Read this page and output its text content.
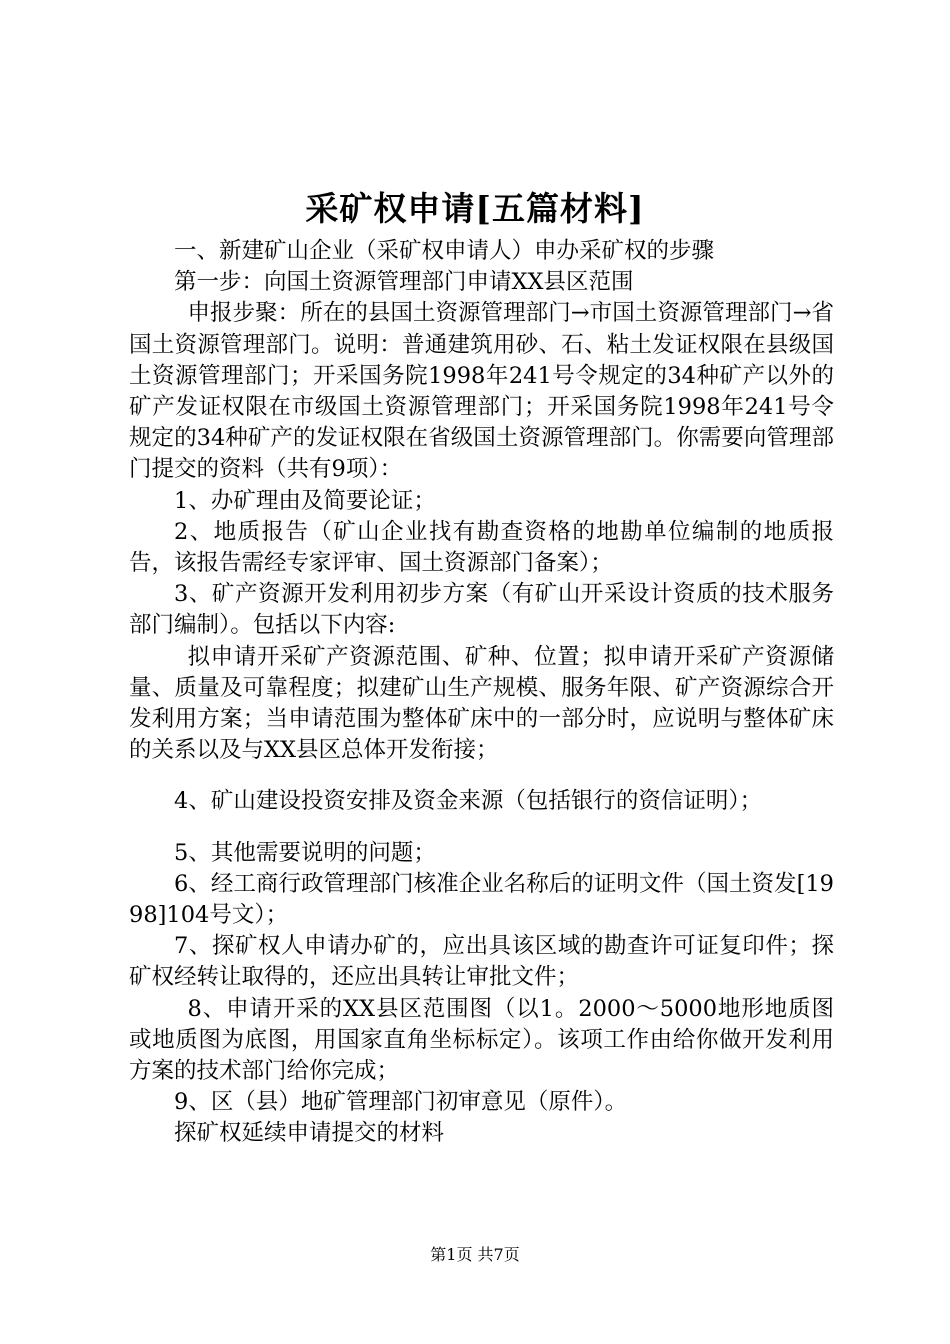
采矿权申请[五篇材料]

一、新建矿山企业（采矿权申请人）申办采矿权的步骤

第一步：向国土资源管理部门申请XX县区范围

申报步聚：所在的县国土资源管理部门→市国土资源管理部门→省国土资源管理部门。说明：普通建筑用砂、石、粘土发证权限在县级国土资源管理部门；开采国务院1998年241号令规定的34种矿产以外的矿产发证权限在市级国土资源管理部门；开采国务院1998年241号令规定的34种矿产的发证权限在省级国土资源管理部门。你需要向管理部门提交的资料（共有9项）：

1、办矿理由及简要论证；

2、地质报告（矿山企业找有勘查资格的地勘单位编制的地质报告，该报告需经专家评审、国土资源部门备案）；

3、矿产资源开发利用初步方案（有矿山开采设计资质的技术服务部门编制）。包括以下内容:

拟申请开采矿产资源范围、矿种、位置；拟申请开采矿产资源储量、质量及可靠程度；拟建矿山生产规模、服务年限、矿产资源综合开发利用方案；当申请范围为整体矿床中的一部分时，应说明与整体矿床的关系以及与XX县区总体开发衔接；

4、矿山建设投资安排及资金来源（包括银行的资信证明）；

5、其他需要说明的问题；

6、经工商行政管理部门核准企业名称后的证明文件（国土资发[1998]104号文）；

7、探矿权人申请办矿的，应出具该区域的勘查许可证复印件；探矿权经转让取得的，还应出具转让审批文件；

8、申请开采的XX县区范围图（以1。2000～5000地形地质图或地质图为底图，用国家直角坐标标定）。该项工作由给你做开发利用方案的技术部门给你完成；

9、区（县）地矿管理部门初审意见（原件）。

探矿权延续申请提交的材料

第1页 共7页
